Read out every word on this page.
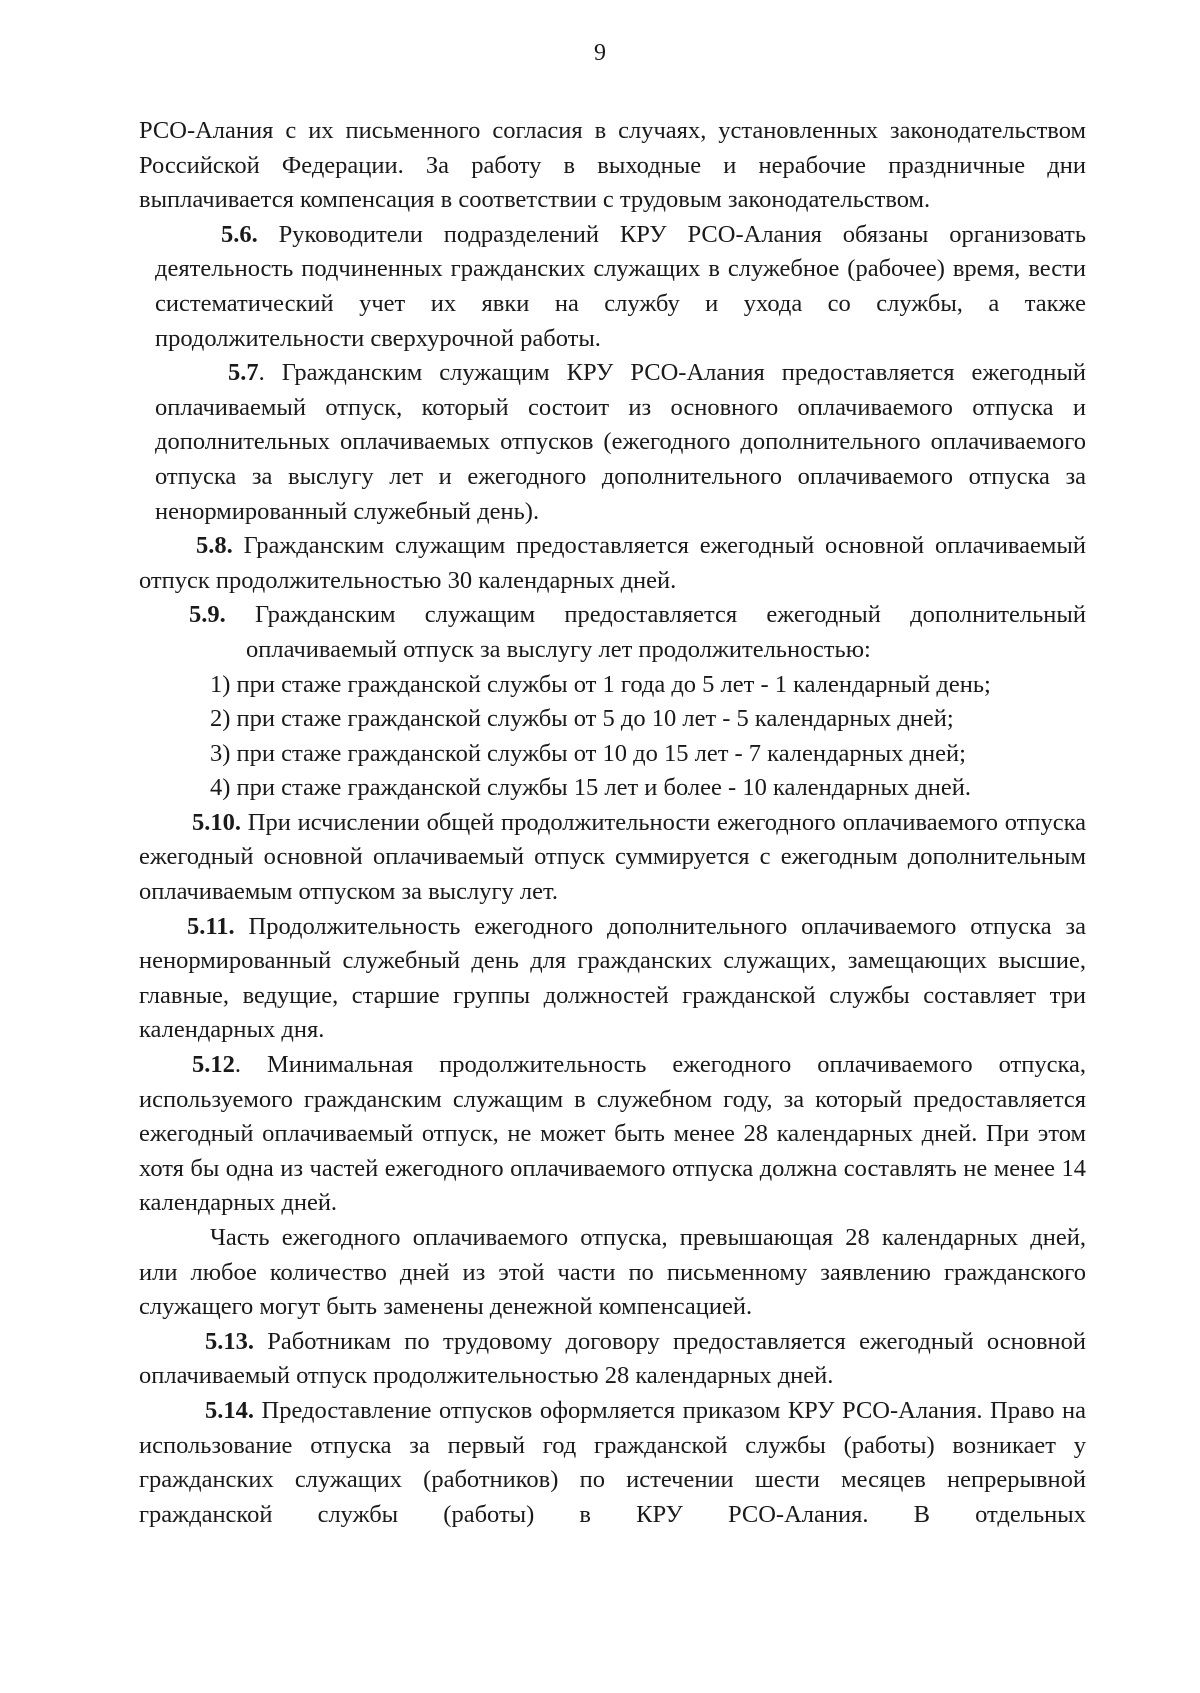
9

РСО-Алания с их письменного согласия в случаях, установленных законодательством Российской Федерации. За работу в выходные и нерабочие праздничные дни выплачивается компенсация в соответствии с трудовым законодательством.

5.6. Руководители подразделений КРУ РСО-Алания обязаны организовать деятельность подчиненных гражданских служащих в служебное (рабочее) время, вести систематический учет их явки на службу и ухода со службы, а также продолжительности сверхурочной работы.

5.7. Гражданским служащим КРУ РСО-Алания предоставляется ежегодный оплачиваемый отпуск, который состоит из основного оплачиваемого отпуска и дополнительных оплачиваемых отпусков (ежегодного дополнительного оплачиваемого отпуска за выслугу лет и ежегодного дополнительного оплачиваемого отпуска за ненормированный служебный день).

5.8. Гражданским служащим предоставляется ежегодный основной оплачиваемый отпуск продолжительностью 30 календарных дней.

5.9. Гражданским служащим предоставляется ежегодный дополнительный оплачиваемый отпуск за выслугу лет продолжительностью:

1) при стаже гражданской службы от 1 года до 5 лет - 1 календарный день;

2) при стаже гражданской службы от 5 до 10 лет - 5 календарных дней;

3) при стаже гражданской службы от 10 до 15 лет - 7 календарных дней;

4) при стаже гражданской службы 15 лет и более - 10 календарных дней.

5.10. При исчислении общей продолжительности ежегодного оплачиваемого отпуска ежегодный основной оплачиваемый отпуск суммируется с ежегодным дополнительным оплачиваемым отпуском за выслугу лет.

5.11. Продолжительность ежегодного дополнительного оплачиваемого отпуска за ненормированный служебный день для гражданских служащих, замещающих высшие, главные, ведущие, старшие группы должностей гражданской службы составляет три календарных дня.

5.12. Минимальная продолжительность ежегодного оплачиваемого отпуска, используемого гражданским служащим в служебном году, за который предоставляется ежегодный оплачиваемый отпуск, не может быть менее 28 календарных дней. При этом хотя бы одна из частей ежегодного оплачиваемого отпуска должна составлять не менее 14 календарных дней.

Часть ежегодного оплачиваемого отпуска, превышающая 28 календарных дней, или любое количество дней из этой части по письменному заявлению гражданского служащего могут быть заменены денежной компенсацией.

5.13. Работникам по трудовому договору предоставляется ежегодный основной оплачиваемый отпуск продолжительностью 28 календарных дней.

5.14. Предоставление отпусков оформляется приказом КРУ РСО-Алания. Право на использование отпуска за первый год гражданской службы (работы) возникает у гражданских служащих (работников) по истечении шести месяцев непрерывной гражданской службы (работы) в КРУ РСО-Алания. В отдельных
